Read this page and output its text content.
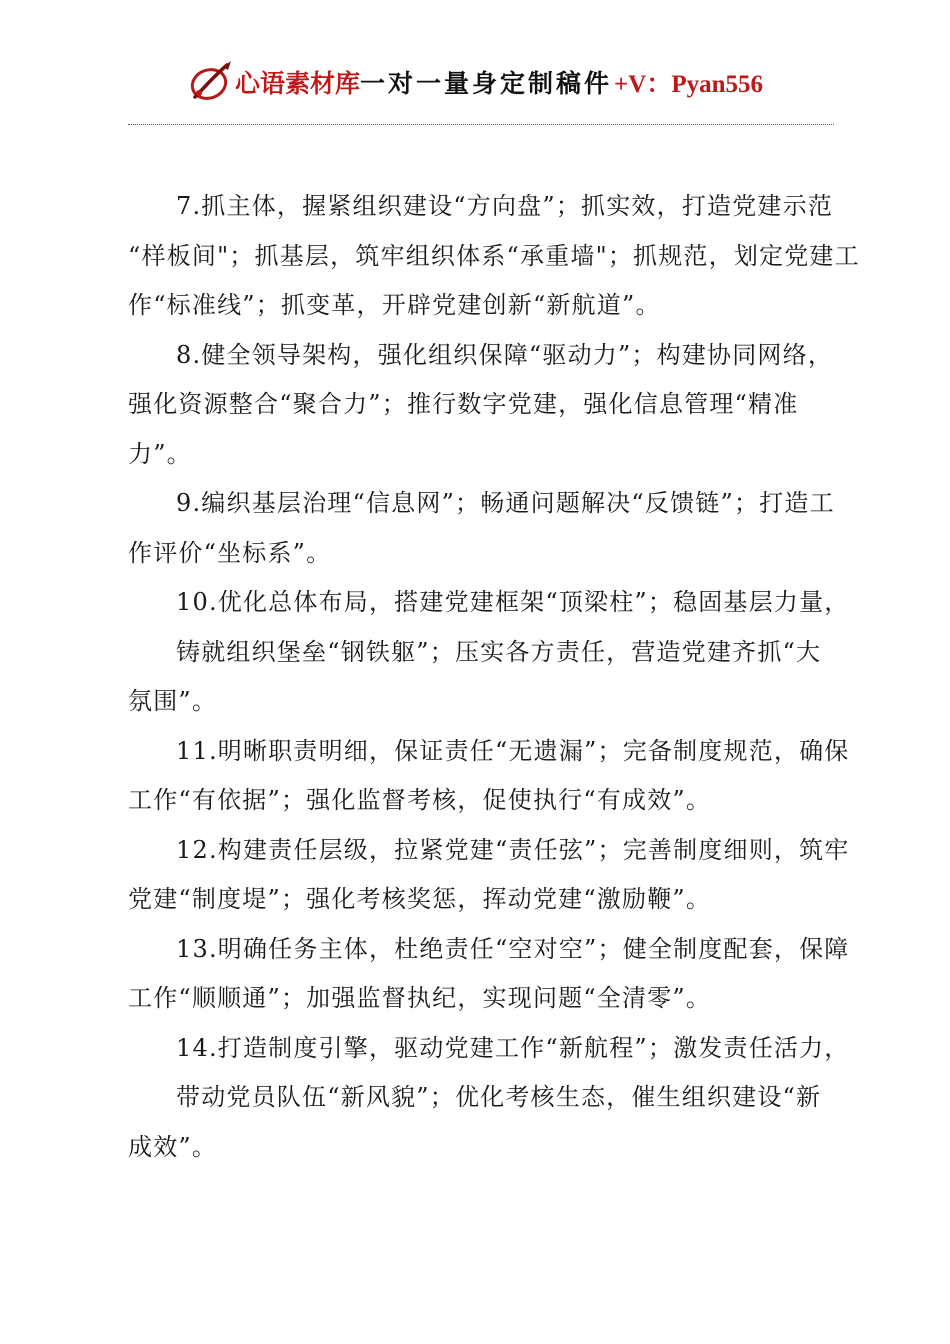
心语素材库 一对一量身定制稿件 +V：Pyan556
7.抓主体，握紧组织建设“方向盘”；抓实效，打造党建示范
“样板间"；抓基层，筑牢组织体系“承重墙"；抓规范，划定党建工
作“标准线”；抓变革，开辟党建创新“新航道”。
8.健全领导架构，强化组织保障“驱动力”；构建协同网络，
强化资源整合“聚合力”；推行数字党建，强化信息管理“精准
力”。
9.编织基层治理“信息网”；畅通问题解决“反馈链”；打造工
作评价“坐标系”。
10.优化总体布局，搭建党建框架“顶梁柱”；稳固基层力量，
铸就组织堡垒“钢铁躯”；压实各方责任，营造党建齐抓“大
氛围”。
11.明晰职责明细，保证责任“无遗漏”；完备制度规范，确保
工作“有依据”；强化监督考核，促使执行“有成效”。
12.构建责任层级，拉紧党建“责任弦”；完善制度细则，筑牢
党建“制度堤”；强化考核奖惩，挥动党建“激励鞭”。
13.明确任务主体，杜绝责任“空对空”；健全制度配套，保障
工作“顺顺通”；加强监督执纪，实现问题“全清零”。
14.打造制度引擎，驱动党建工作“新航程”；激发责任活力，
带动党员队伍“新风貌”；优化考核生态，催生组织建设“新
成效”。
